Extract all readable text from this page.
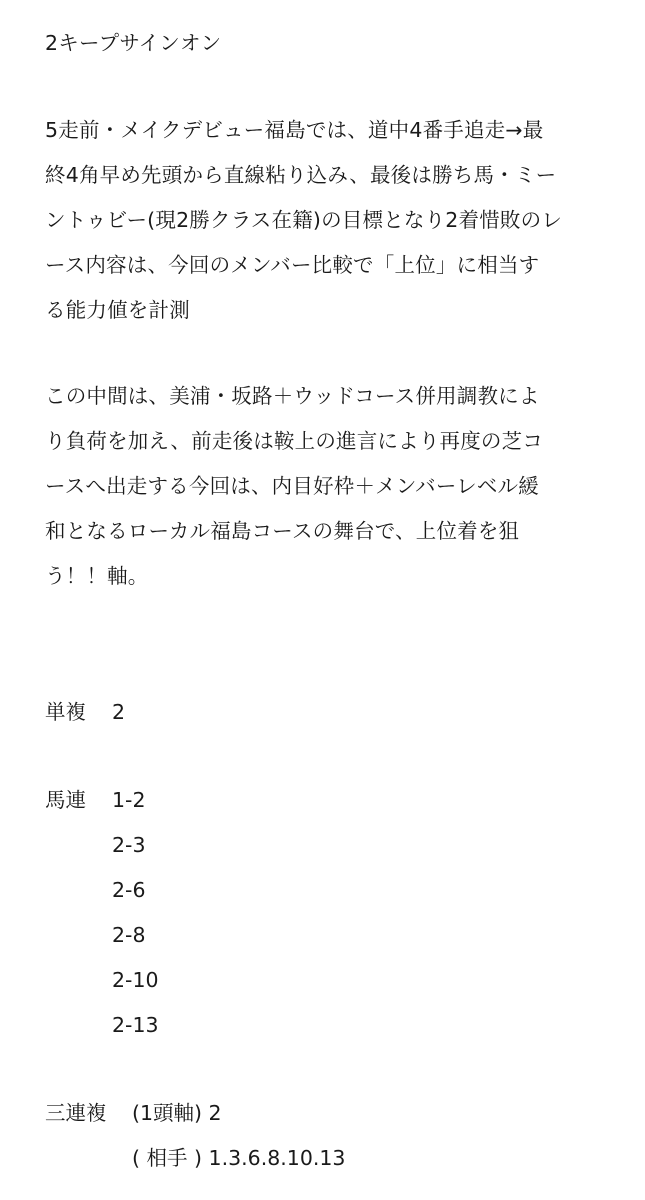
2キープサインオン
5走前・メイクデビュー福島では、道中4番手追走→最
終4角早め先頭から直線粘り込み、最後は勝ち馬・ミー
ントゥビー(現2勝クラス在籍)の目標となり2着惜敗のレ
ース内容は、今回のメンバー比較で「上位」に相当す
る能力値を計測
この中間は、美浦・坂路＋ウッドコース併用調教によ
り負荷を加え、前走後は鞍上の進言により再度の芝コ
ースへ出走する今回は、内目好枠＋メンバーレベル緩
和となるローカル福島コースの舞台で、上位着を狙
う！！軸。
単複 2
馬連 1-2
2-3
2-6
2-8
2-10
2-13
三連複 (1頭軸) 2
( 相手 ) 1.3.6.8.10.13
